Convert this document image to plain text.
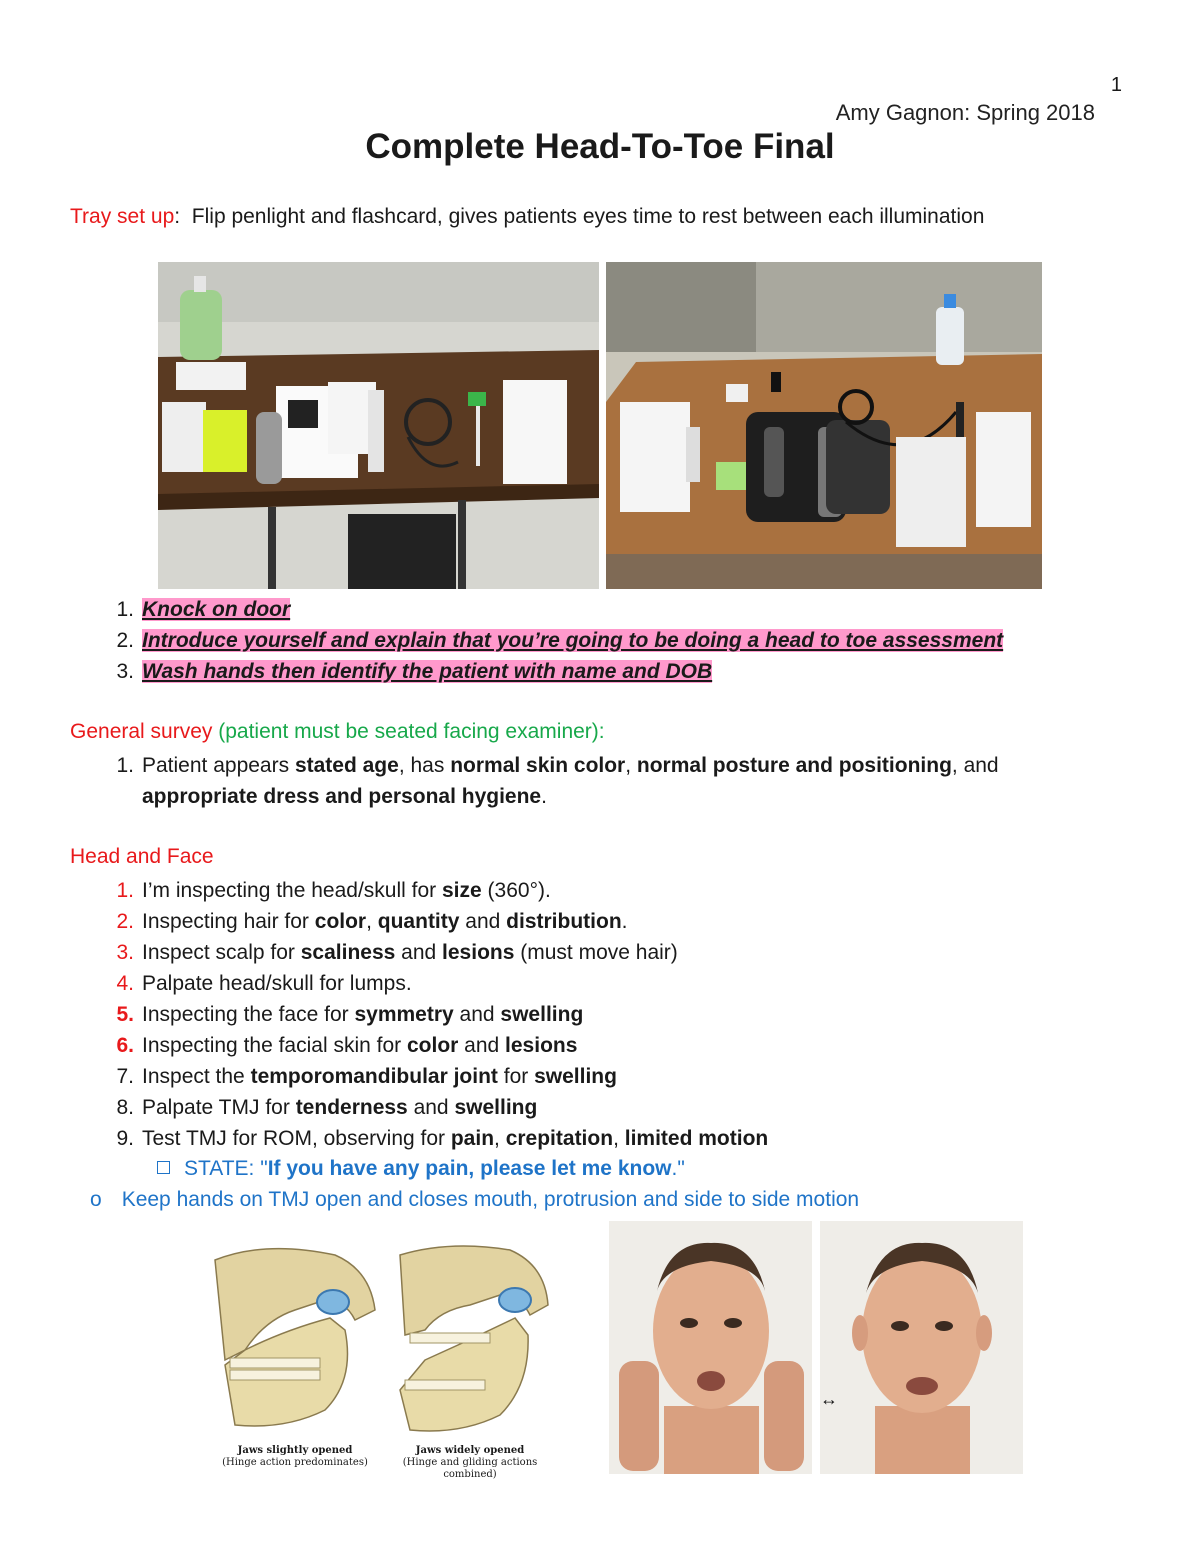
1
Amy Gagnon: Spring 2018
Complete Head-To-Toe Final
Tray set up: Flip penlight and flashcard, gives patients eyes time to rest between each illumination
1. Knock on door
2. Introduce yourself and explain that you’re going to be doing a head to toe assessment
3. Wash hands then identify the patient with name and DOB
General survey (patient must be seated facing examiner):
1. Patient appears stated age, has normal skin color, normal posture and positioning, and
appropriate dress and personal hygiene.
Head and Face
1. I’m inspecting the head/skull for size (360°).
2. Inspecting hair for color, quantity and distribution.
3. Inspect scalp for scaliness and lesions (must move hair)
4. Palpate head/skull for lumps.
5. Inspecting the face for symmetry and swelling
6. Inspecting the facial skin for color and lesions
7. Inspect the temporomandibular joint for swelling
8. Palpate TMJ for tenderness and swelling
9. Test TMJ for ROM, observing for pain, crepitation, limited motion
STATE: "If you have any pain, please let me know."
o Keep hands on TMJ open and closes mouth, protrusion and side to side motion
Jaws slightly opened
(Hinge action predominates)
Jaws widely opened
(Hinge and gliding actions combined)
↔
